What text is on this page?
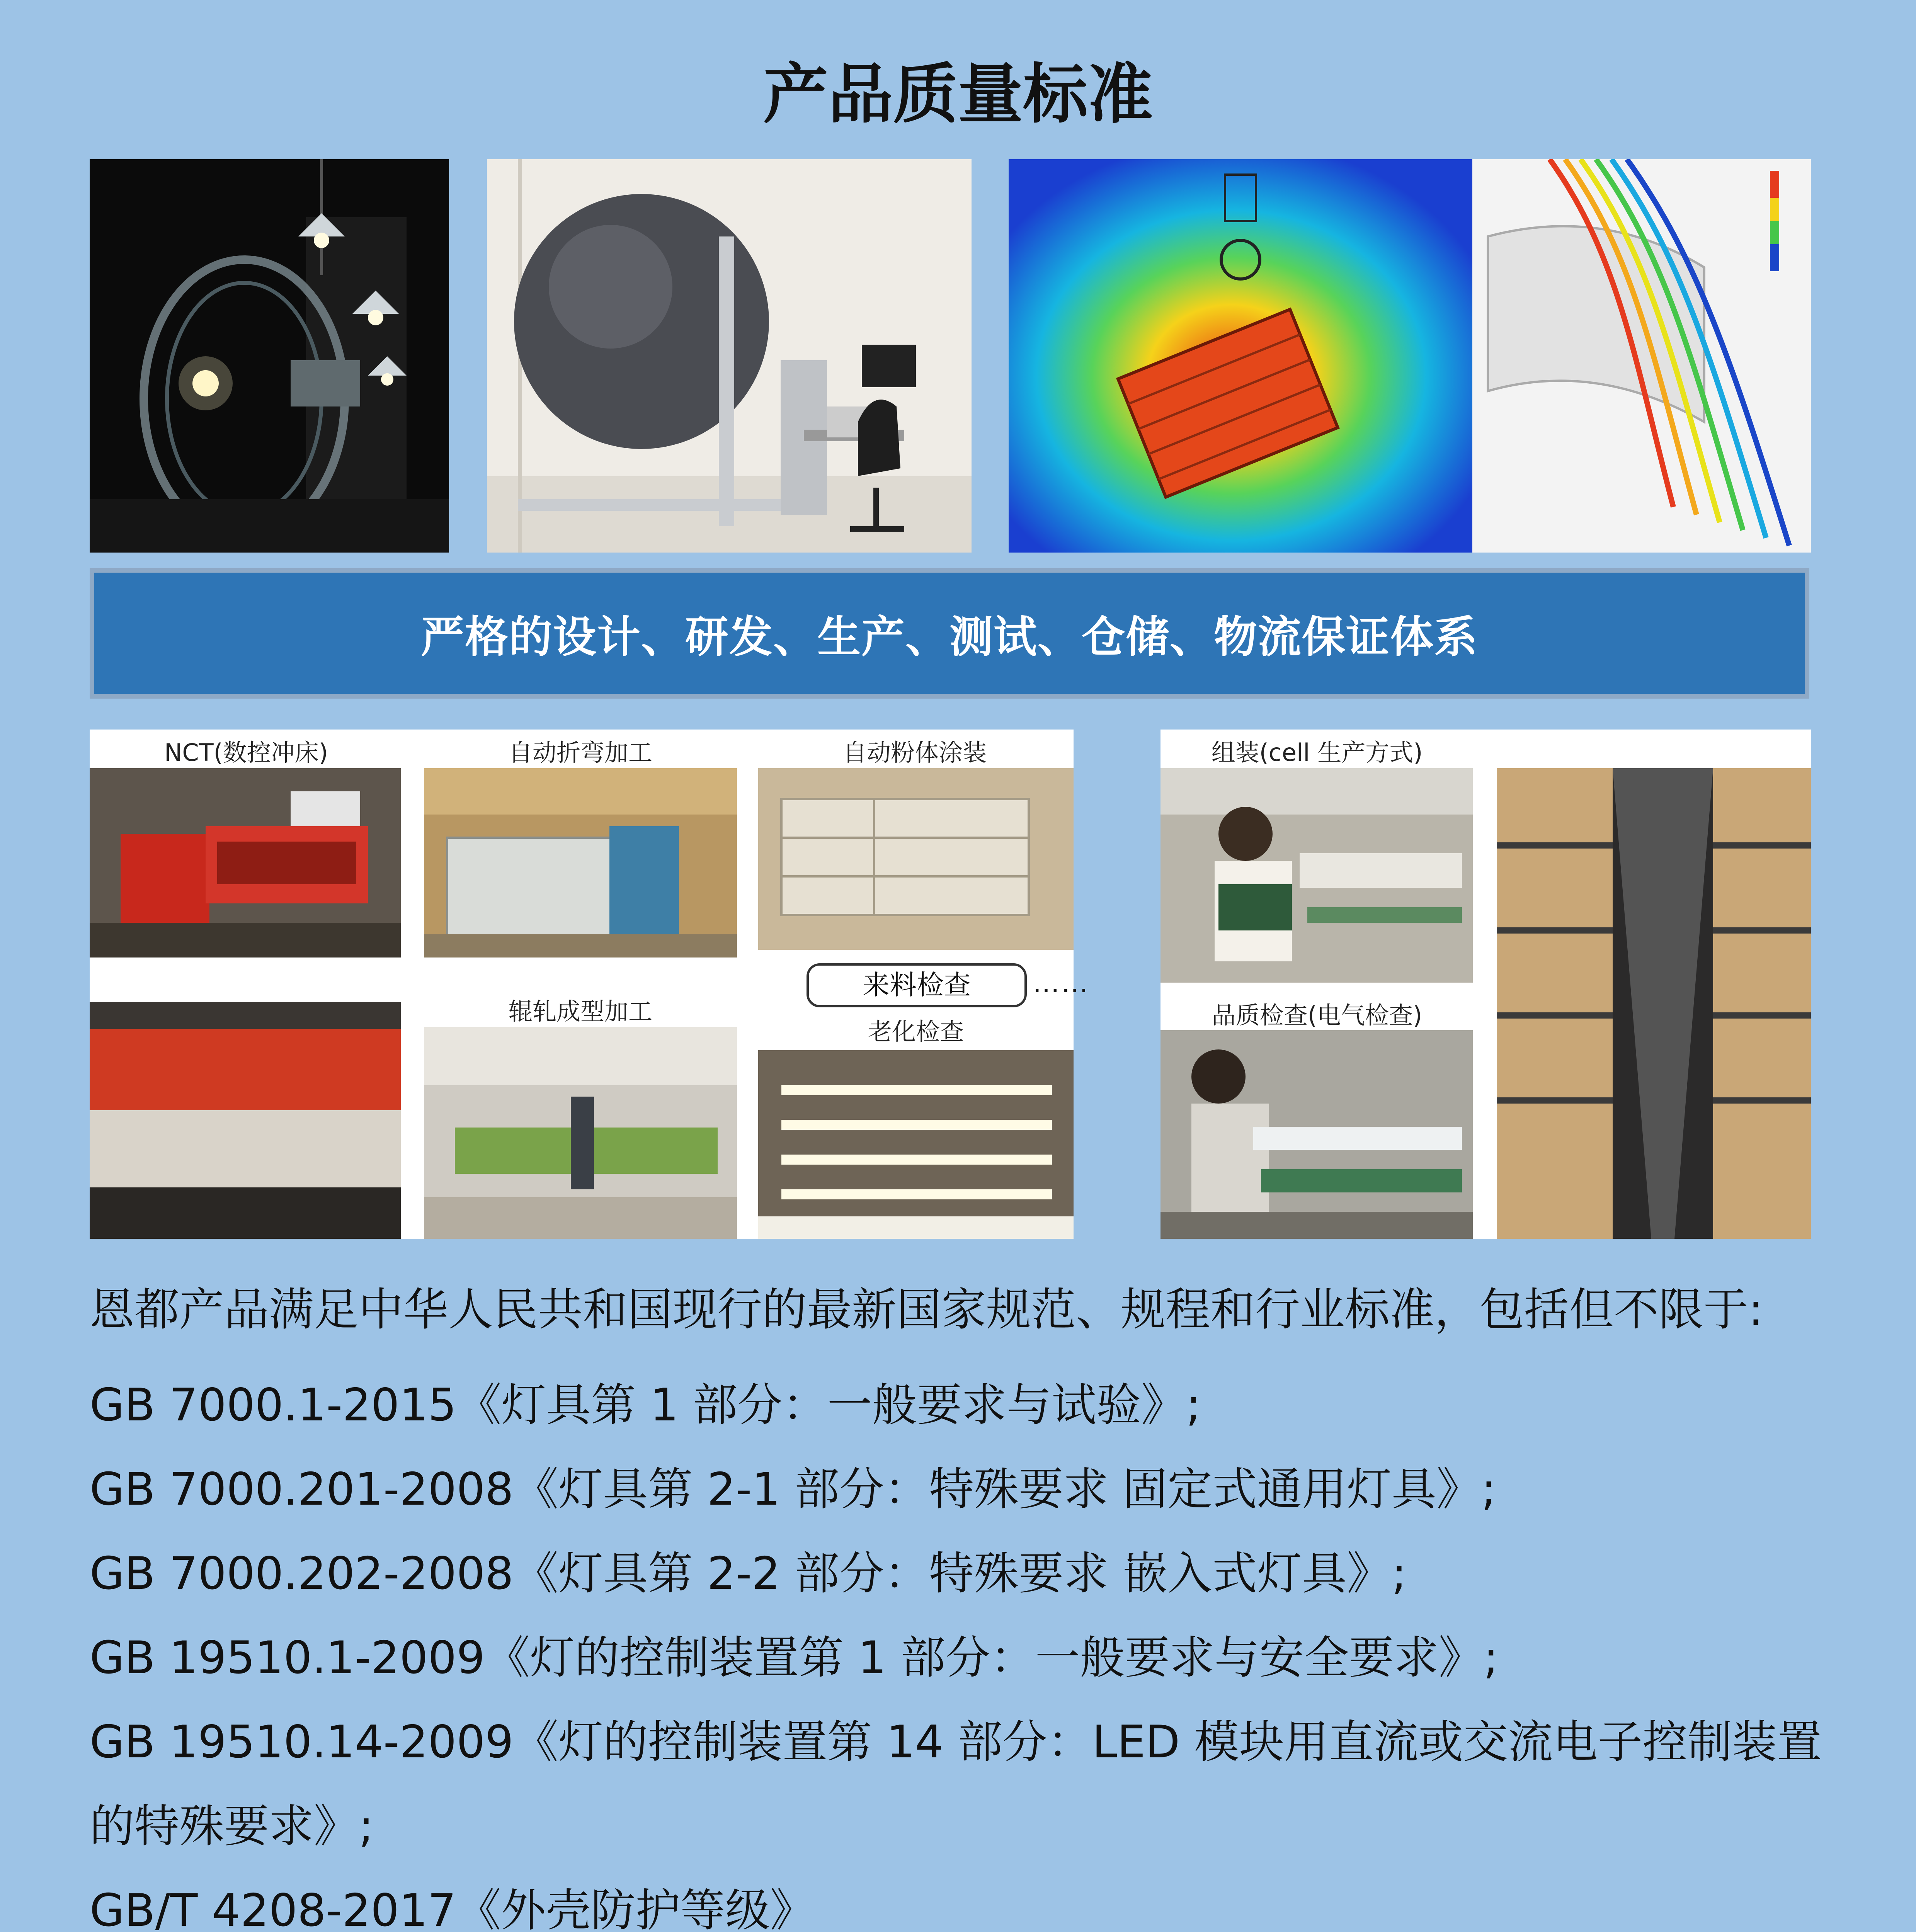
产品质量标准
严格的设计、研发、生产、测试、仓储、物流保证体系
NCT(数控冲床)	自动折弯加工	自动粉体涂装
来料检查	……
辊轧成型加工
老化检查
组装(cell 生产方式)
品质检查(电气检查)
恩都产品满足中华人民共和国现行的最新国家规范、规程和行业标准，包括但不限于:
GB 7000.1-2015《灯具第 1 部分：一般要求与试验》;
GB 7000.201-2008《灯具第 2-1 部分：特殊要求 固定式通用灯具》;
GB 7000.202-2008《灯具第 2-2 部分：特殊要求 嵌入式灯具》;
GB 19510.1-2009《灯的控制装置第 1 部分：一般要求与安全要求》;
GB 19510.14-2009《灯的控制装置第 14 部分：LED 模块用直流或交流电子控制装置的特殊要求》;
GB/T 4208-2017《外壳防护等级》
